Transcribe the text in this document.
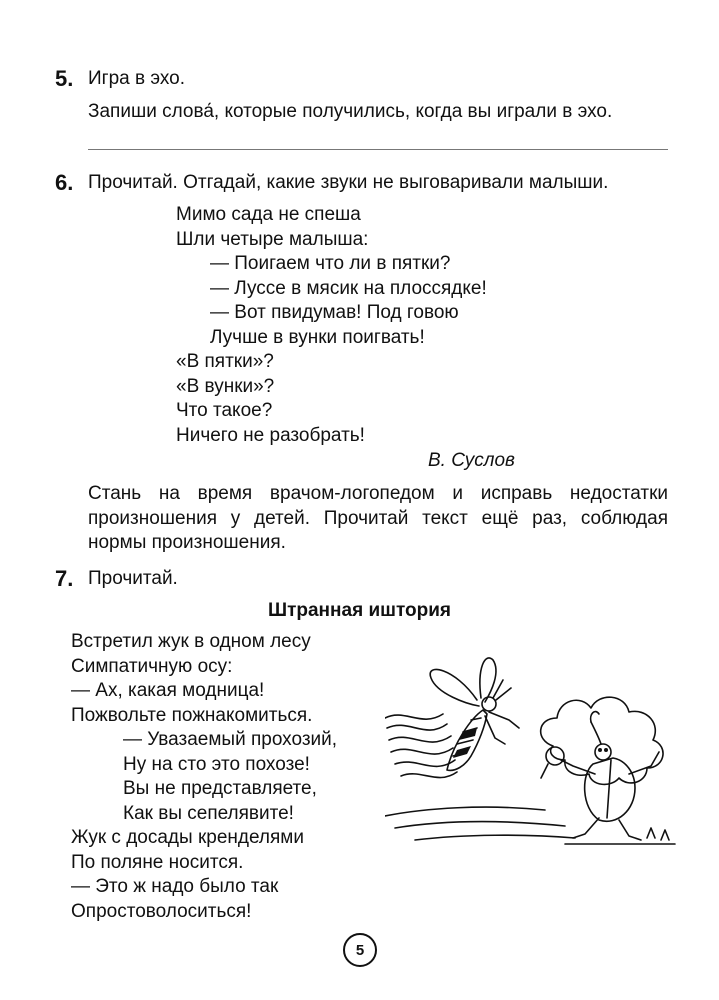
5. Игра в эхо.
Запиши слова́, которые получились, когда вы играли в эхо.
6. Прочитай. Отгадай, какие звуки не выговаривали малыши.
Мимо сада не спеша
Шли четыре малыша:
— Поигаем что ли в пятки?
— Луссе в мясик на плоссядке!
— Вот пвидумав! Под говою
Лучше в вунки поигвать!
«В пятки»?
«В вунки»?
Что такое?
Ничего не разобрать!
В. Суслов
Стань на время врачом-логопедом и исправь недостатки произношения у детей. Прочитай текст ещё раз, соблюдая нормы произношения.
7. Прочитай.
Штранная иштория
Встретил жук в одном лесу
Симпатичную осу:
— Ах, какая модница!
Пожвольте пожнакомиться.
— Увазаемый прохозий,
Ну на сто это похозе!
Вы не представляете,
Как вы сепелявите!
Жук с досады кренделями
По поляне носится.
— Это ж надо было так
Опростоволоситься!
5
